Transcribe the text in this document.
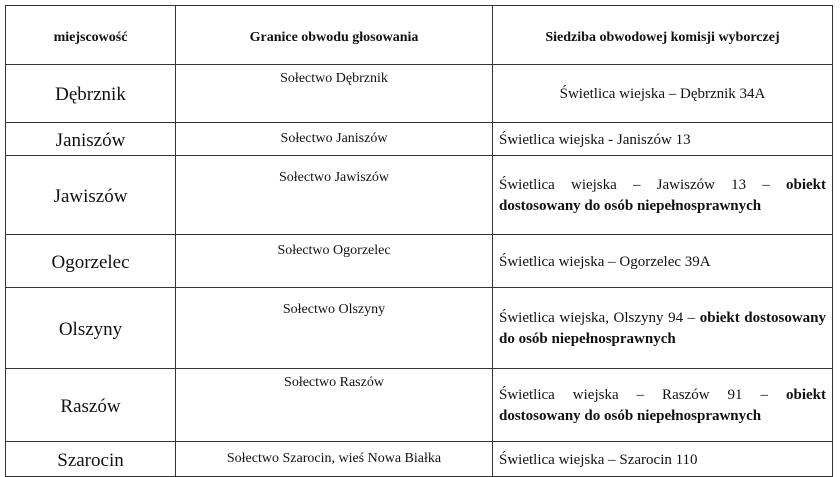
miejscowość	Granice obwodu głosowania	Siedziba obwodowej komisji wyborczej
Dębrznik	Sołectwo Dębrznik	Świetlica wiejska – Dębrznik 34A
Janiszów	Sołectwo Janiszów	Świetlica wiejska - Janiszów 13
Jawiszów	Sołectwo Jawiszów	Świetlica wiejska – Jawiszów 13 – obiekt dostosowany do osób niepełnosprawnych
Ogorzelec	Sołectwo Ogorzelec	Świetlica wiejska – Ogorzelec 39A
Olszyny	Sołectwo Olszyny	Świetlica wiejska, Olszyny 94 – obiekt dostosowany do osób niepełnosprawnych
Raszów	Sołectwo Raszów	Świetlica wiejska – Raszów 91 – obiekt dostosowany do osób niepełnosprawnych
Szarocin	Sołectwo Szarocin, wieś Nowa Białka	Świetlica wiejska – Szarocin 110
